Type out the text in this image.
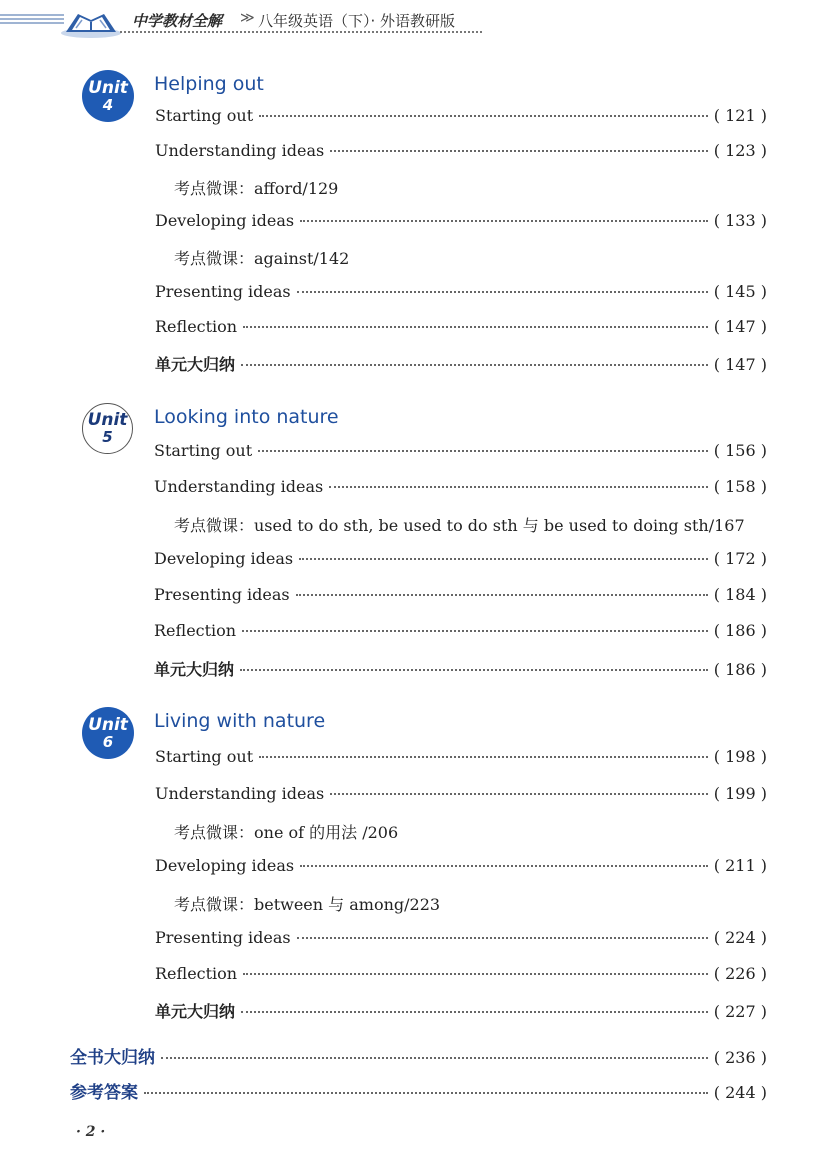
中学教材全解 ≫ 八年级英语（下）· 外语教研版
Unit
4
Helping out
Starting out	( 121 )
Understanding ideas	( 123 )
考点微课：afford/129
Developing ideas	( 133 )
考点微课：against/142
Presenting ideas	( 145 )
Reflection	( 147 )
单元大归纳	( 147 )
Unit
5
Looking into nature
Starting out	( 156 )
Understanding ideas	( 158 )
考点微课：used to do sth, be used to do sth 与 be used to doing sth/167
Developing ideas	( 172 )
Presenting ideas	( 184 )
Reflection	( 186 )
单元大归纳	( 186 )
Unit
6
Living with nature
Starting out	( 198 )
Understanding ideas	( 199 )
考点微课：one of 的用法 /206
Developing ideas	( 211 )
考点微课：between 与 among/223
Presenting ideas	( 224 )
Reflection	( 226 )
单元大归纳	( 227 )
全书大归纳	( 236 )
参考答案	( 244 )
· 2 ·
